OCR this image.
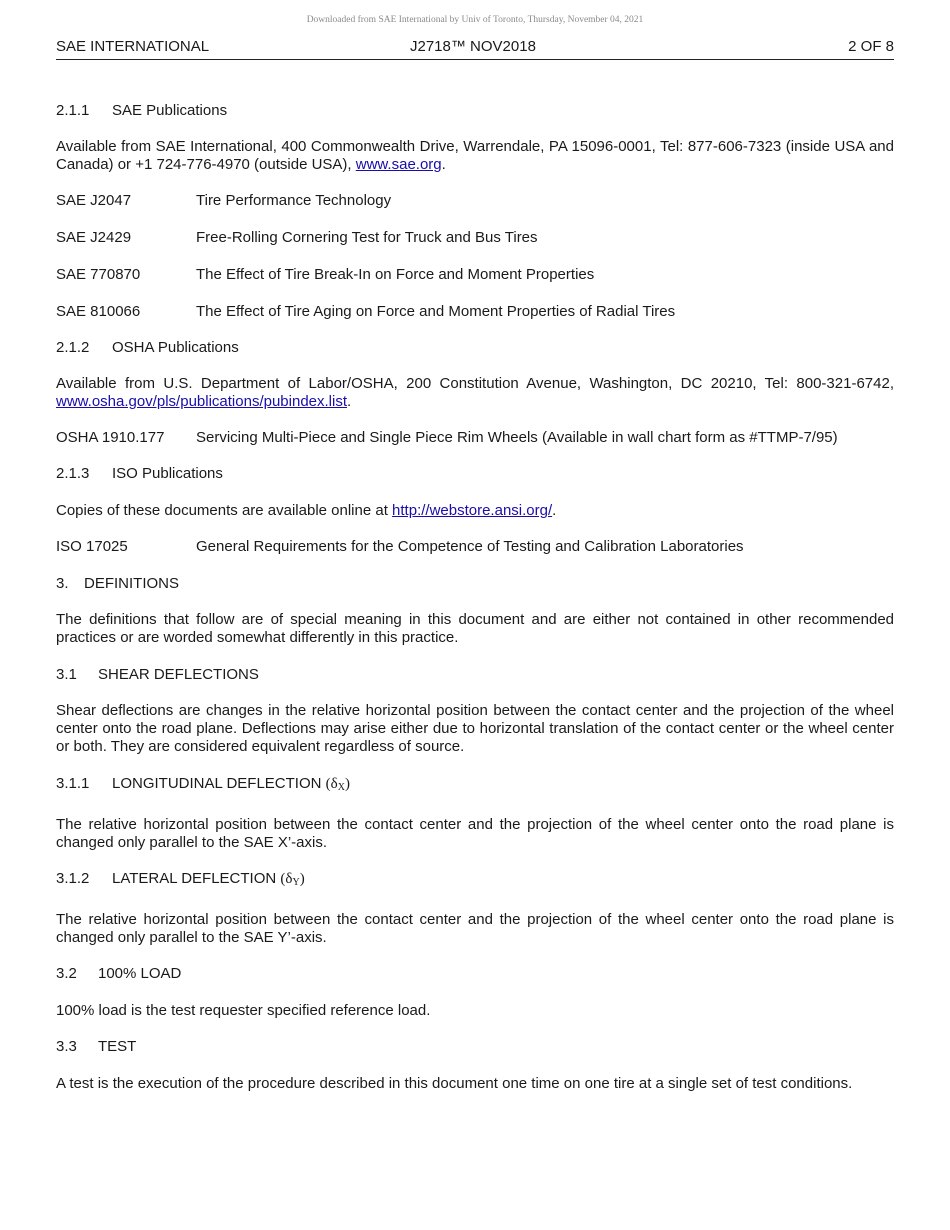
Downloaded from SAE International by Univ of Toronto, Thursday, November 04, 2021
SAE INTERNATIONAL	J2718™ NOV2018	2 OF 8

2.1.1 SAE Publications

Available from SAE International, 400 Commonwealth Drive, Warrendale, PA 15096-0001, Tel: 877-606-7323 (inside USA and Canada) or +1 724-776-4970 (outside USA), www.sae.org.

SAE J2047	Tire Performance Technology

SAE J2429	Free-Rolling Cornering Test for Truck and Bus Tires

SAE 770870	The Effect of Tire Break-In on Force and Moment Properties

SAE 810066	The Effect of Tire Aging on Force and Moment Properties of Radial Tires

2.1.2 OSHA Publications

Available from U.S. Department of Labor/OSHA, 200 Constitution Avenue, Washington, DC 20210, Tel: 800-321-6742, www.osha.gov/pls/publications/pubindex.list.

OSHA 1910.177	Servicing Multi-Piece and Single Piece Rim Wheels (Available in wall chart form as #TTMP-7/95)

2.1.3 ISO Publications

Copies of these documents are available online at http://webstore.ansi.org/.

ISO 17025	General Requirements for the Competence of Testing and Calibration Laboratories

3. DEFINITIONS

The definitions that follow are of special meaning in this document and are either not contained in other recommended practices or are worded somewhat differently in this practice.

3.1 SHEAR DEFLECTIONS

Shear deflections are changes in the relative horizontal position between the contact center and the projection of the wheel center onto the road plane. Deflections may arise either due to horizontal translation of the contact center or the wheel center or both. They are considered equivalent regardless of source.

3.1.1 LONGITUDINAL DEFLECTION $(\delta_X)$

The relative horizontal position between the contact center and the projection of the wheel center onto the road plane is changed only parallel to the SAE X’-axis.

3.1.2 LATERAL DEFLECTION $(\delta_Y)$

The relative horizontal position between the contact center and the projection of the wheel center onto the road plane is changed only parallel to the SAE Y’-axis.

3.2 100% LOAD

100% load is the test requester specified reference load.

3.3 TEST

A test is the execution of the procedure described in this document one time on one tire at a single set of test conditions.
